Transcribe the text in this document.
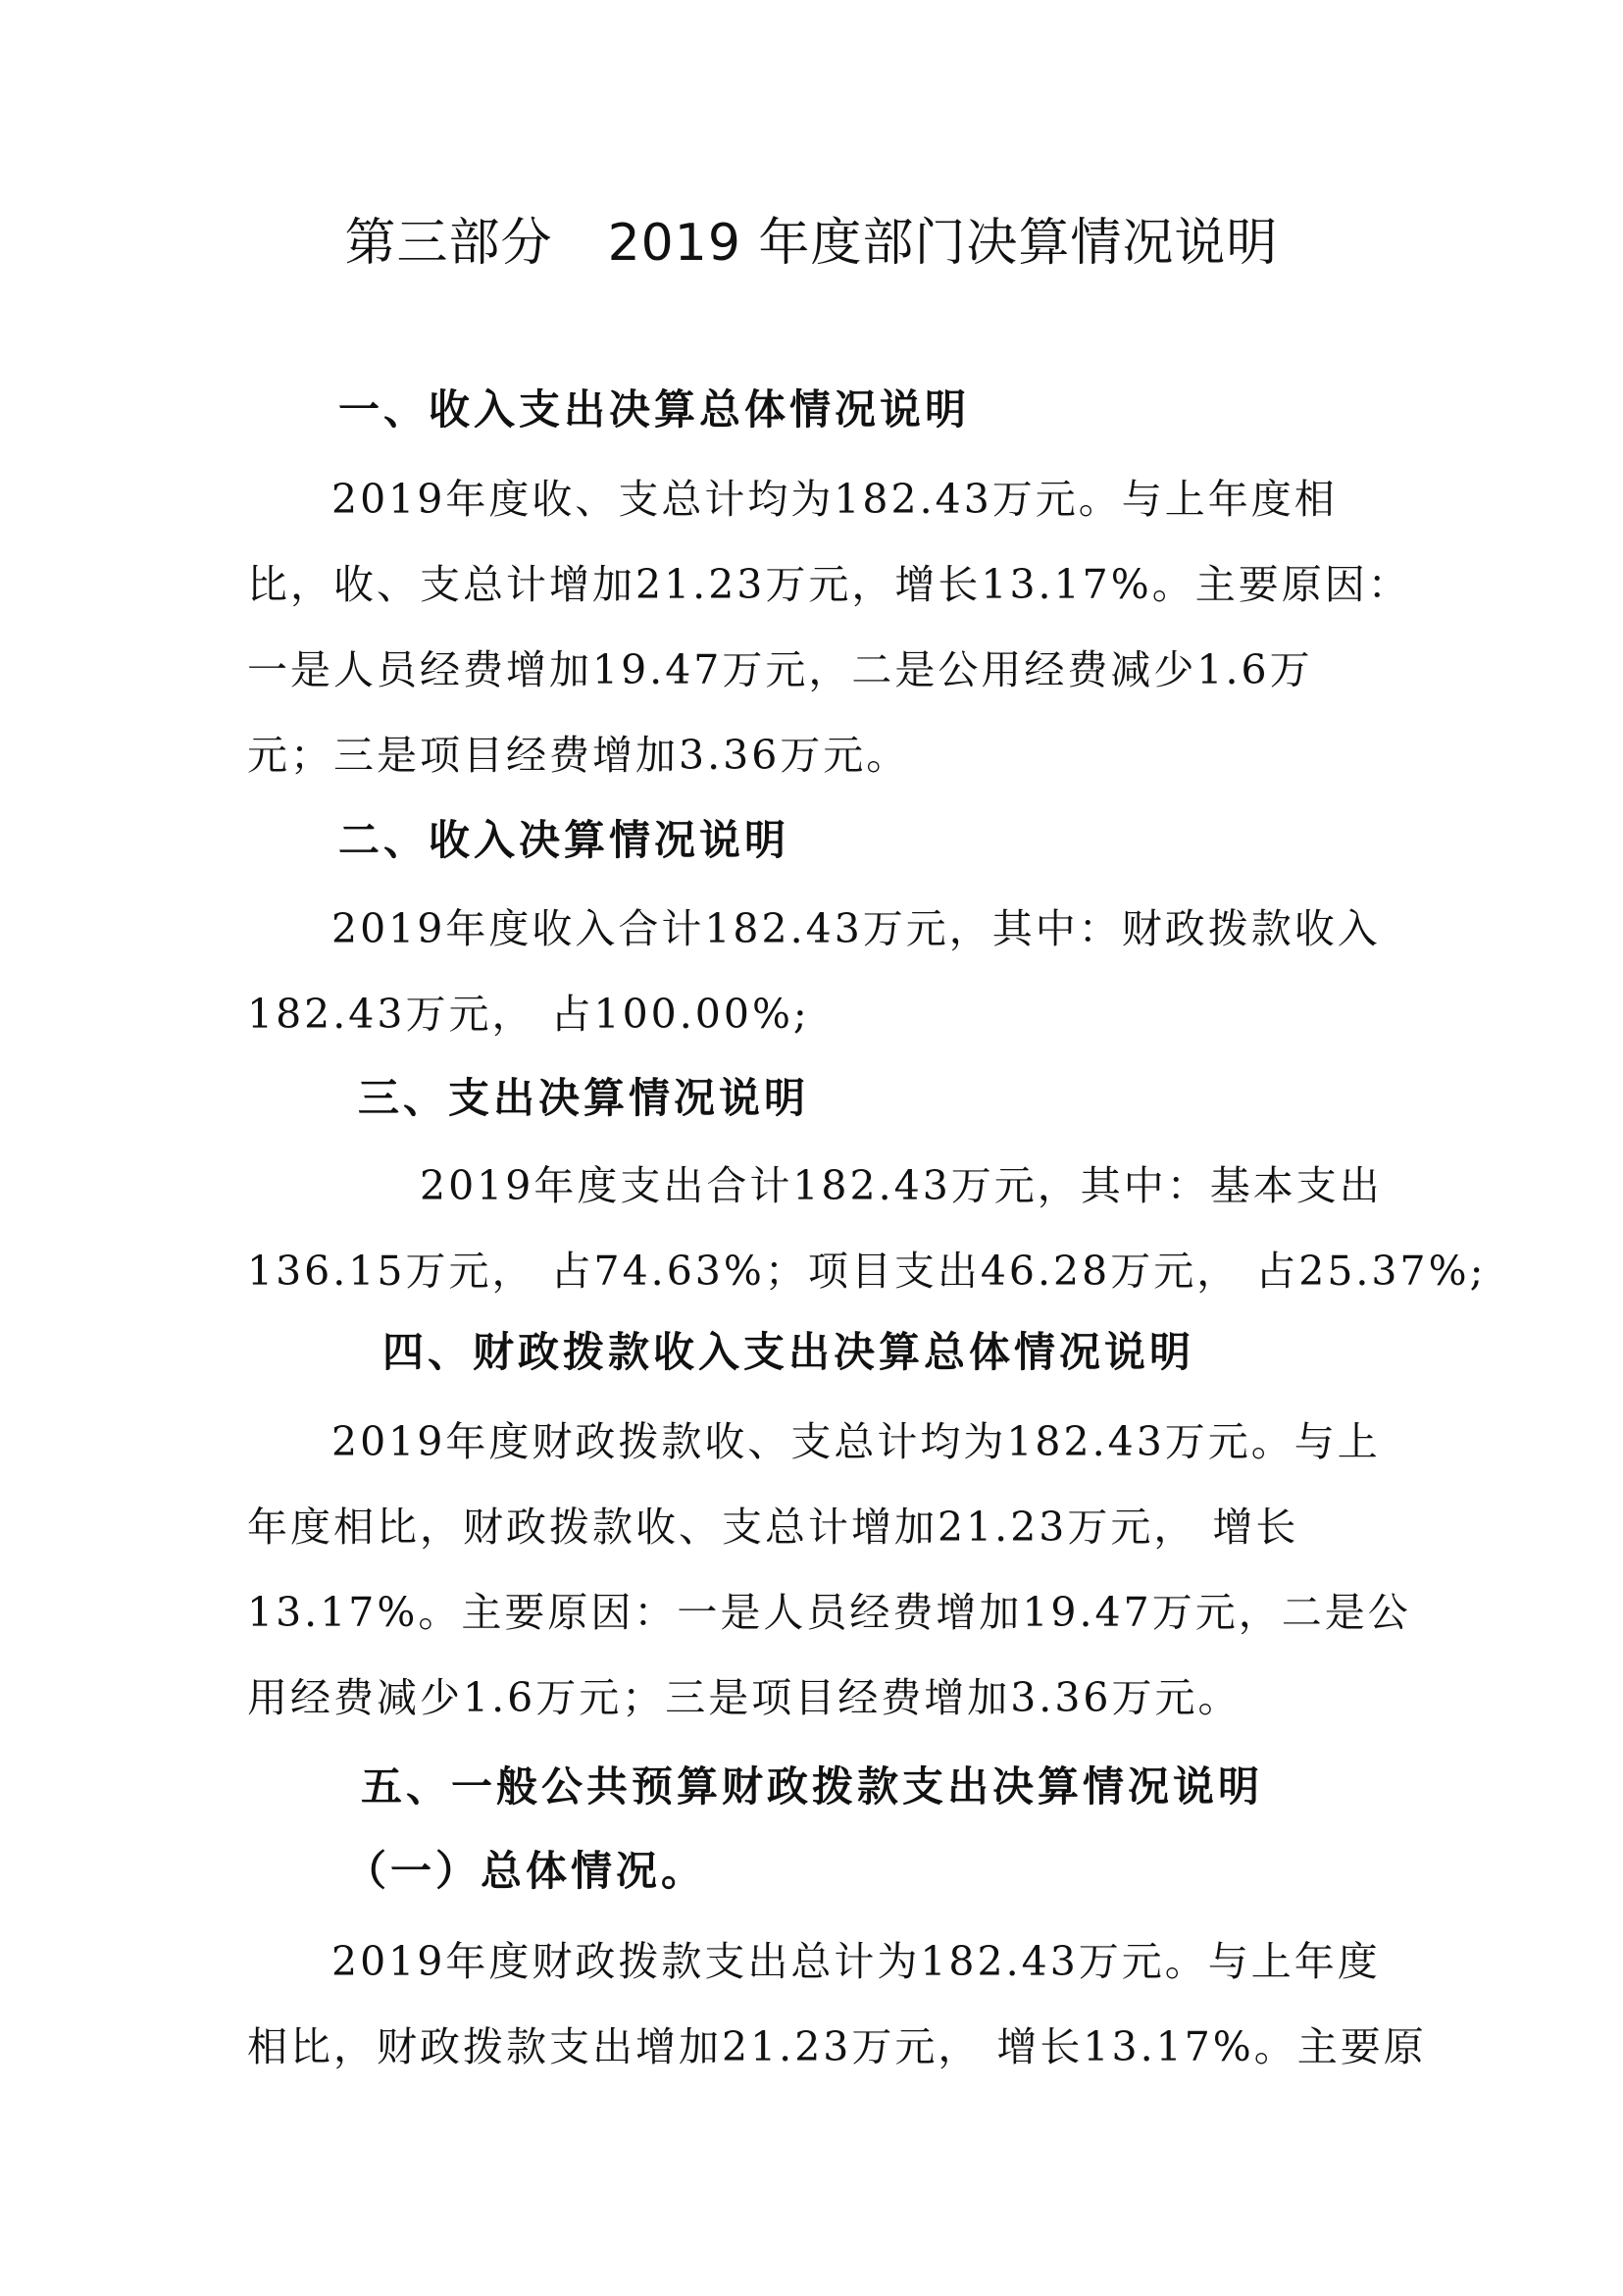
第三部分 2019 年度部门决算情况说明
一、收入支出决算总体情况说明

2019年度收、支总计均为182.43万元。与上年度相
比，收、支总计增加21.23万元，增长13.17%。主要原因：
一是人员经费增加19.47万元，二是公用经费减少1.6万
元；三是项目经费增加3.36万元。

二、收入决算情况说明

2019年度收入合计182.43万元，其中：财政拨款收入
182.43万元， 占100.00%;

三、支出决算情况说明

2019年度支出合计182.43万元，其中：基本支出
136.15万元， 占74.63%；项目支出46.28万元， 占25.37%;

四、财政拨款收入支出决算总体情况说明

2019年度财政拨款收、支总计均为182.43万元。与上
年度相比，财政拨款收、支总计增加21.23万元， 增长
13.17%。主要原因：一是人员经费增加19.47万元，二是公
用经费减少1.6万元；三是项目经费增加3.36万元。

五、一般公共预算财政拨款支出决算情况说明
（一）总体情况。

2019年度财政拨款支出总计为182.43万元。与上年度
相比，财政拨款支出增加21.23万元， 增长13.17%。主要原
